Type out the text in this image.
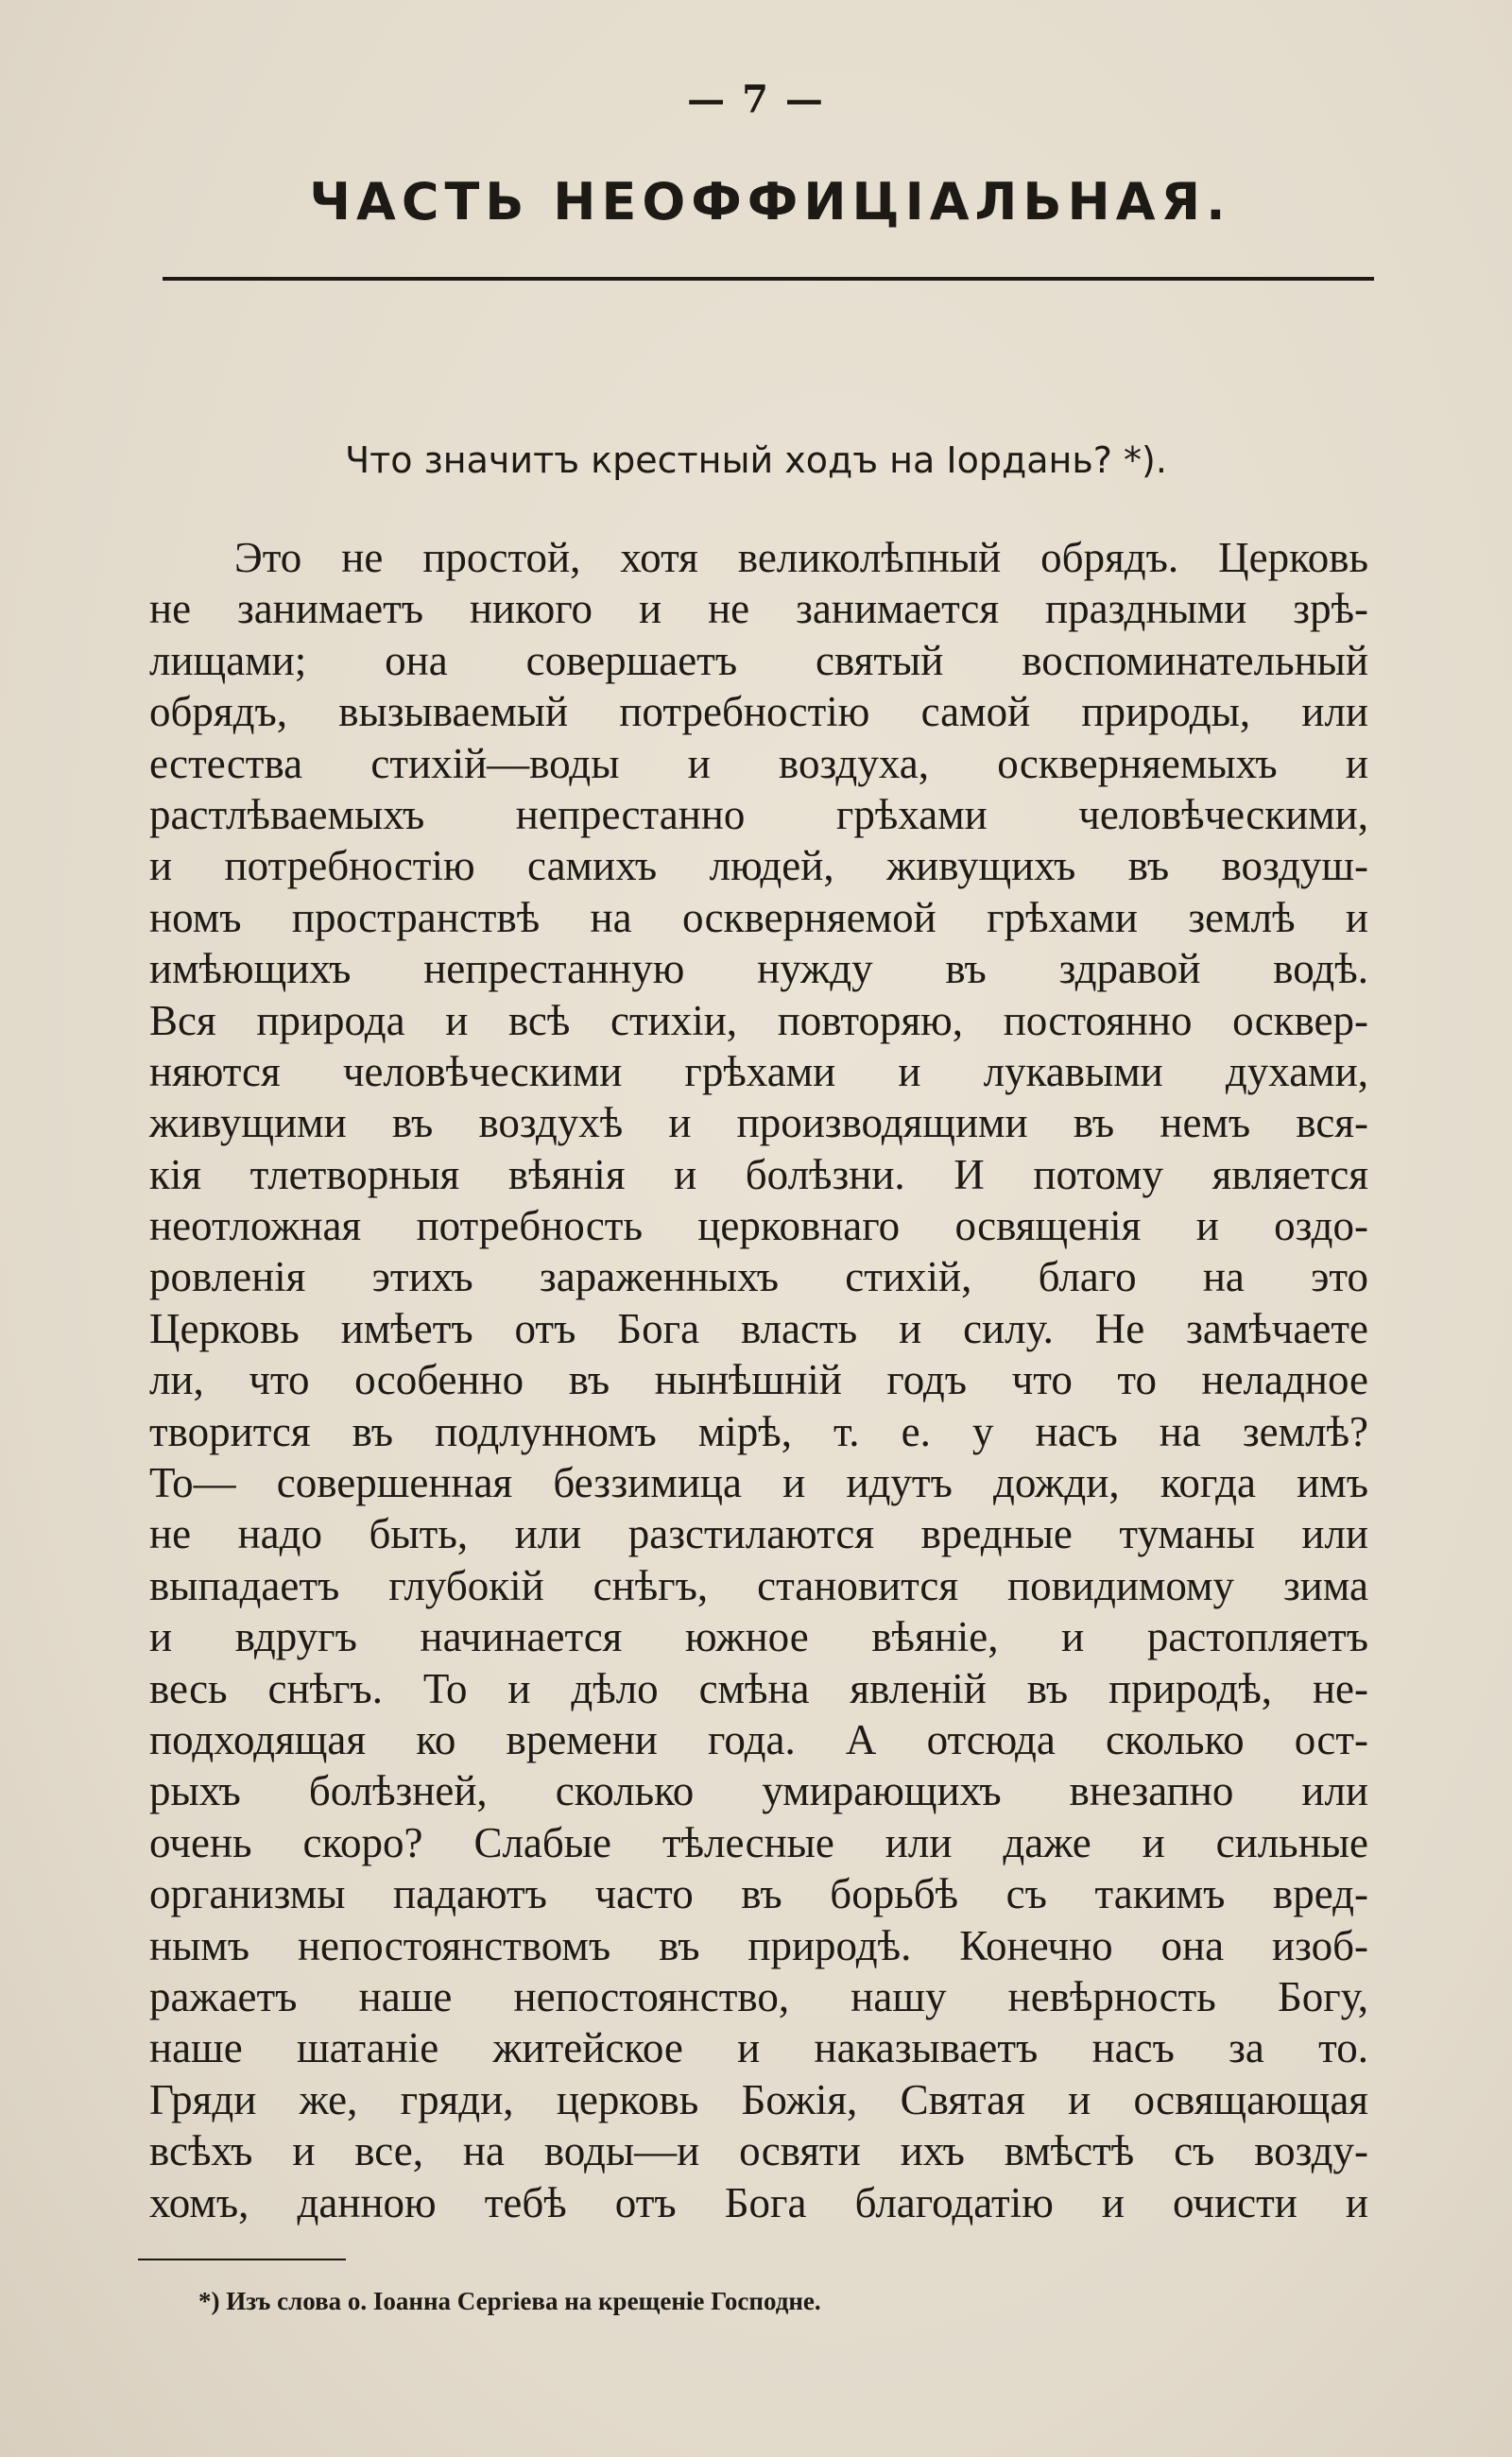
— 7 —
ЧАСТЬ НЕОФФИЦІАЛЬНАЯ.
Что значитъ крестный ходъ на Іордань? *).
Это не простой, хотя великолѣпный обрядъ. Церковь
не занимаетъ никого и не занимается праздными зрѣ-
лищами; она совершаетъ святый воспоминательный
обрядъ, вызываемый потребностію самой природы, или
естества стихій—воды и воздуха, оскверняемыхъ и
растлѣваемыхъ непрестанно грѣхами человѣческими,
и потребностію самихъ людей, живущихъ въ воздуш-
номъ пространствѣ на оскверняемой грѣхами землѣ и
имѣющихъ непрестанную нужду въ здравой водѣ.
Вся природа и всѣ стихіи, повторяю, постоянно осквер-
няются человѣческими грѣхами и лукавыми духами,
живущими въ воздухѣ и производящими въ немъ вся-
кія тлетворныя вѣянія и болѣзни. И потому является
неотложная потребность церковнаго освященія и оздо-
ровленія этихъ зараженныхъ стихій, благо на это
Церковь имѣетъ отъ Бога власть и силу. Не замѣчаете
ли, что особенно въ нынѣшній годъ что то неладное
творится въ подлунномъ мірѣ, т. е. у насъ на землѣ?
То— совершенная беззимица и идутъ дожди, когда имъ
не надо быть, или разстилаются вредные туманы или
выпадаетъ глубокій снѣгъ, становится повидимому зима
и вдругъ начинается южное вѣяніе, и растопляетъ
весь снѣгъ. То и дѣло смѣна явленій въ природѣ, не-
подходящая ко времени года. А отсюда сколько ост-
рыхъ болѣзней, сколько умирающихъ внезапно или
очень скоро? Слабые тѣлесные или даже и сильные
организмы падаютъ часто въ борьбѣ съ такимъ вред-
нымъ непостоянствомъ въ природѣ. Конечно она изоб-
ражаетъ наше непостоянство, нашу невѣрность Богу,
наше шатаніе житейское и наказываетъ насъ за то.
Гряди же, гряди, церковь Божія, Святая и освящающая
всѣхъ и все, на воды—и освяти ихъ вмѣстѣ съ возду-
хомъ, данною тебѣ отъ Бога благодатію и очисти и
*) Изъ слова о. Іоанна Сергіева на крещеніе Господне.
